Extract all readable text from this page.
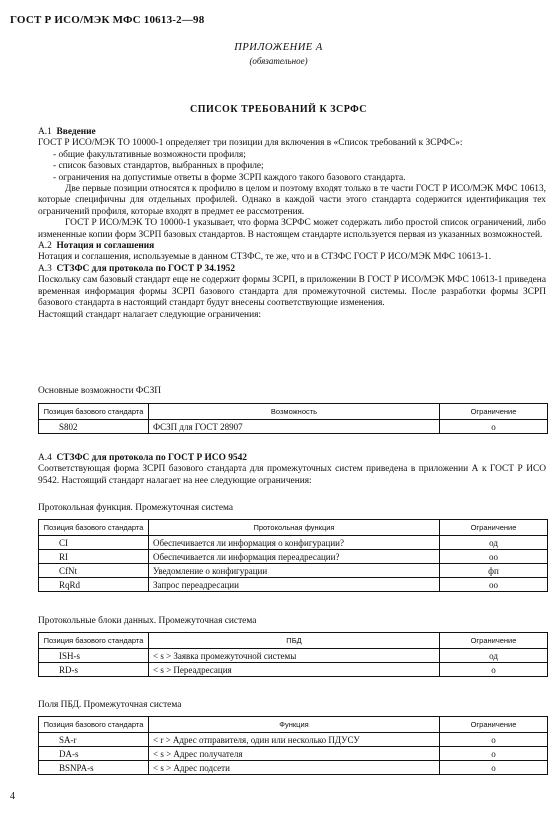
ГОСТ Р ИСО/МЭК МФС 10613-2—98
ПРИЛОЖЕНИЕ А
(обязательное)
СПИСОК ТРЕБОВАНИЙ К ЗСРФС

А.1 Введение

ГОСТ Р ИСО/МЭК ТО 10000-1 определяет три позиции для включения в «Список требований к ЗСРФС»:

- общие факультативные возможности профиля;

- список базовых стандартов, выбранных в профиле;

- ограничения на допустимые ответы в форме ЗСРП каждого такого базового стандарта.

Две первые позиции относятся к профилю в целом и поэтому входят только в те части ГОСТ Р ИСО/МЭК МФС 10613, которые специфичны для отдельных профилей. Однако в каждой части этого стандарта содержится идентификация тех ограничений профиля, которые входят в предмет ее рассмотрения.

ГОСТ Р ИСО/МЭК ТО 10000-1 указывает, что форма ЗСРФС может содержать либо простой список ограничений, либо измененные копии форм ЗСРП базовых стандартов. В настоящем стандарте используется первая из указанных возможностей.

А.2 Нотация и соглашения

Нотация и соглашения, используемые в данном СТЗФС, те же, что и в СТЗФС ГОСТ Р ИСО/МЭК МФС 10613-1.

А.3 СТЗФС для протокола по ГОСТ Р 34.1952

Поскольку сам базовый стандарт еще не содержит формы ЗСРП, в приложении В ГОСТ Р ИСО/МЭК МФС 10613-1 приведена временная информация формы ЗСРП базового стандарта для промежуточной системы. После разработки формы ЗСРП базового стандарта в настоящий стандарт будут внесены соответствующие изменения.

Настоящий стандарт налагает следующие ограничения:

Основные возможности ФСЗП
Позиция базового стандарта	Возможность	Ограничение
S802	ФСЗП для ГОСТ 28907	о

А.4 СТЗФС для протокола по ГОСТ Р ИСО 9542

Соответствующая форма ЗСРП базового стандарта для промежуточных систем приведена в приложении А к ГОСТ Р ИСО 9542. Настоящий стандарт налагает на нее следующие ограничения:

Протокольная функция. Промежуточная система
Позиция базового стандарта	Протокольная функция	Ограничение
CI	Обеспечивается ли информация о конфигурации?	од
RI	Обеспечивается ли информация переадресации?	оо
CfNt	Уведомление о конфигурации	фп
RqRd	Запрос переадресации	оо
Протокольные блоки данных. Промежуточная система
Позиция базового стандарта	ПБД	Ограничение
ISH-s	< s > Заявка промежуточной системы	од
RD-s	< s > Переадресация	о
Поля ПБД. Промежуточная система
Позиция базового стандарта	Функция	Ограничение
SA-r	< r > Адрес отправителя, один или несколько ПДУСУ	о
DA-s	< s > Адрес получателя	о
BSNPA-s	< s > Адрес подсети	о
4
